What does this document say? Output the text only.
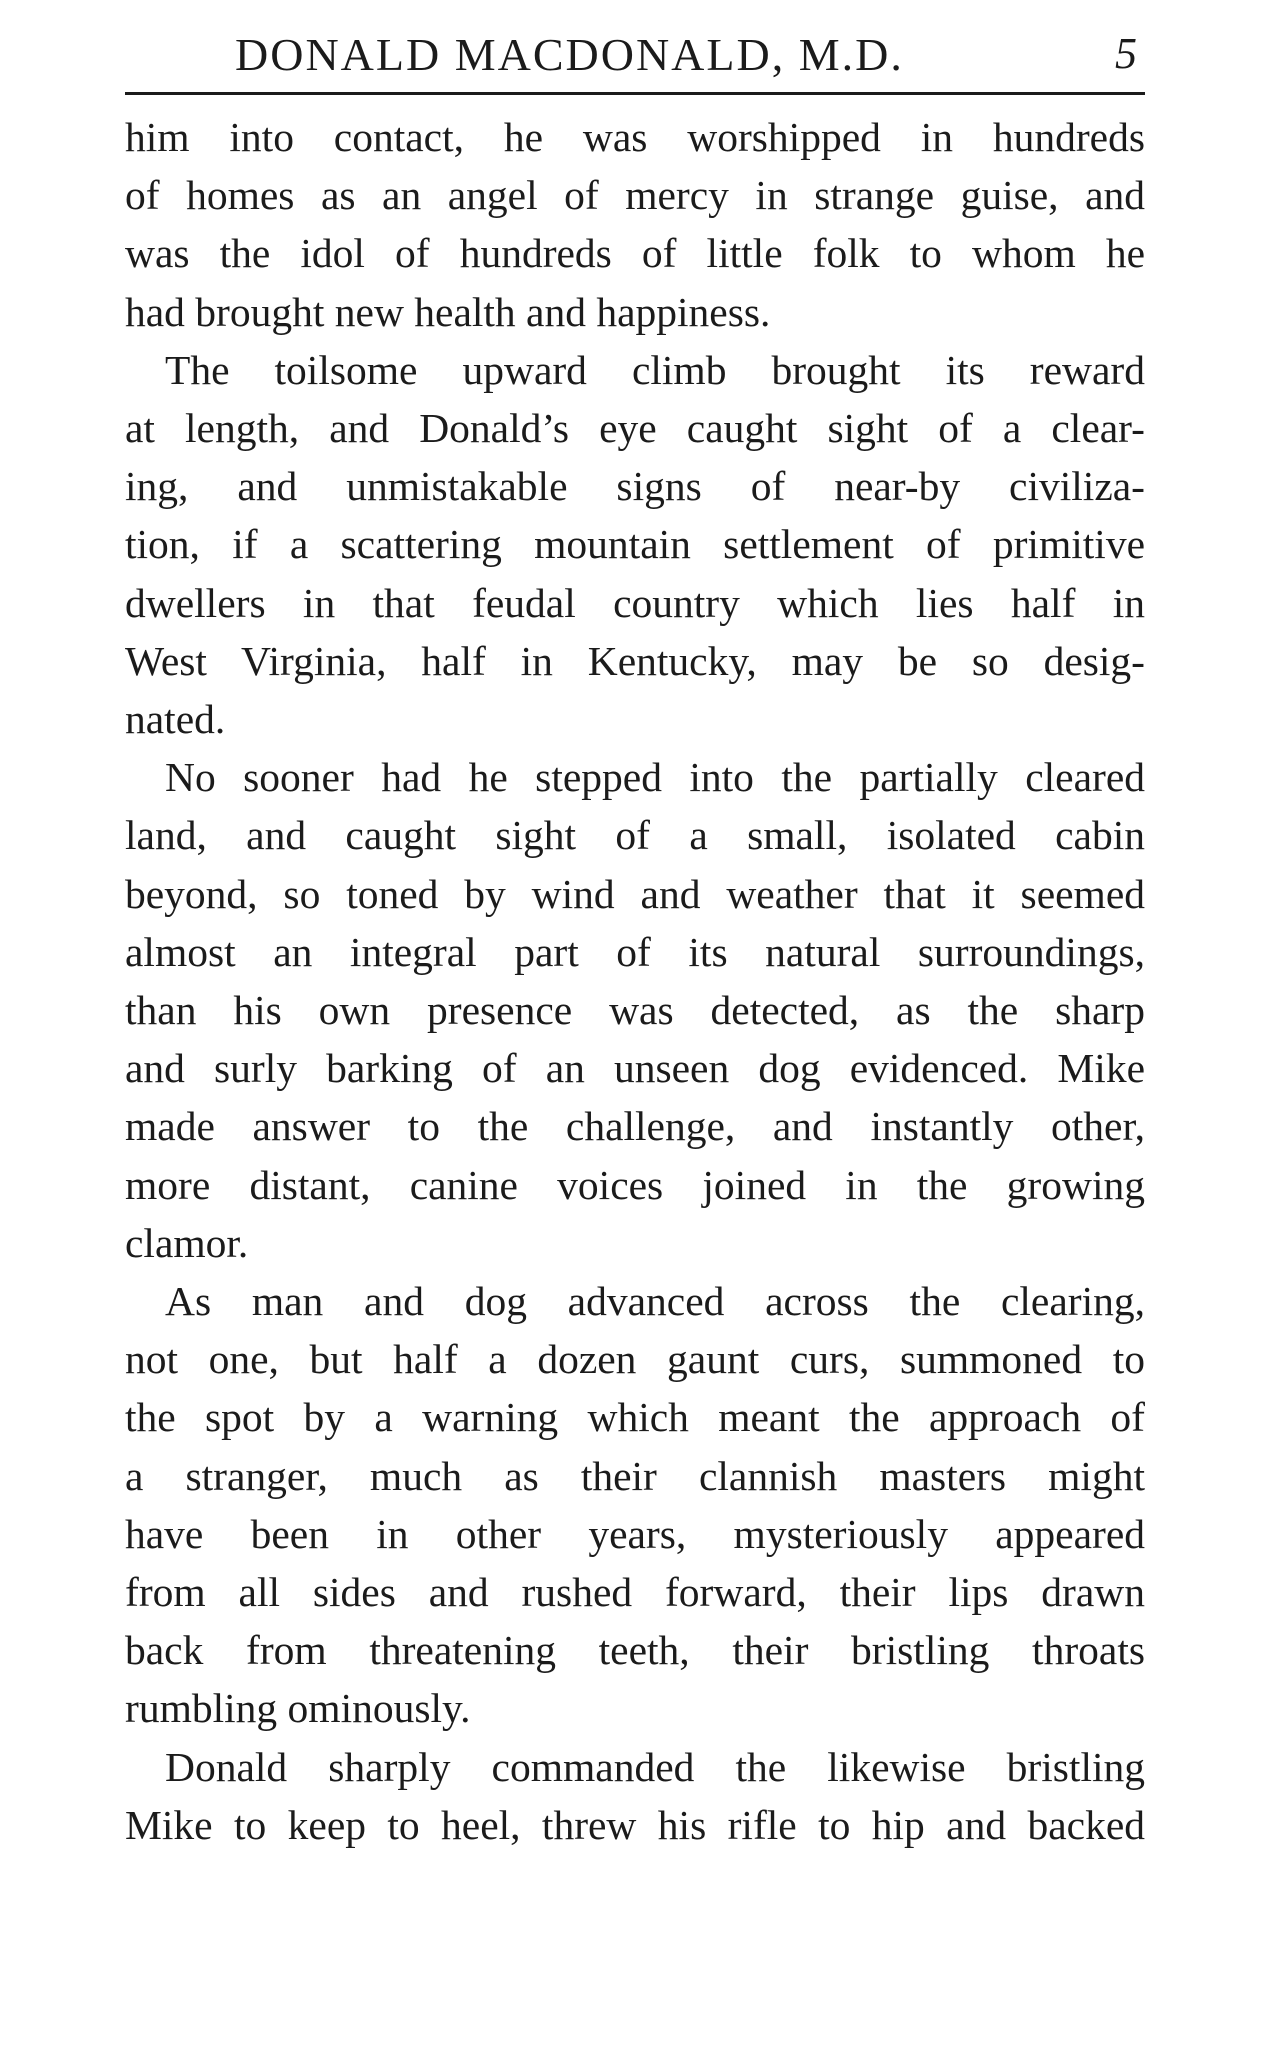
DONALD MACDONALD, M.D.	5
him into contact, he was worshipped in hundreds
of homes as an angel of mercy in strange guise, and
was the idol of hundreds of little folk to whom he
had brought new health and happiness.
The toilsome upward climb brought its reward
at length, and Donald’s eye caught sight of a clear-
ing, and unmistakable signs of near-by civiliza-
tion, if a scattering mountain settlement of primitive
dwellers in that feudal country which lies half in
West Virginia, half in Kentucky, may be so desig-
nated.
No sooner had he stepped into the partially cleared
land, and caught sight of a small, isolated cabin
beyond, so toned by wind and weather that it seemed
almost an integral part of its natural surroundings,
than his own presence was detected, as the sharp
and surly barking of an unseen dog evidenced. Mike
made answer to the challenge, and instantly other,
more distant, canine voices joined in the growing
clamor.
As man and dog advanced across the clearing,
not one, but half a dozen gaunt curs, summoned to
the spot by a warning which meant the approach of
a stranger, much as their clannish masters might
have been in other years, mysteriously appeared
from all sides and rushed forward, their lips drawn
back from threatening teeth, their bristling throats
rumbling ominously.
Donald sharply commanded the likewise bristling
Mike to keep to heel, threw his rifle to hip and backed
